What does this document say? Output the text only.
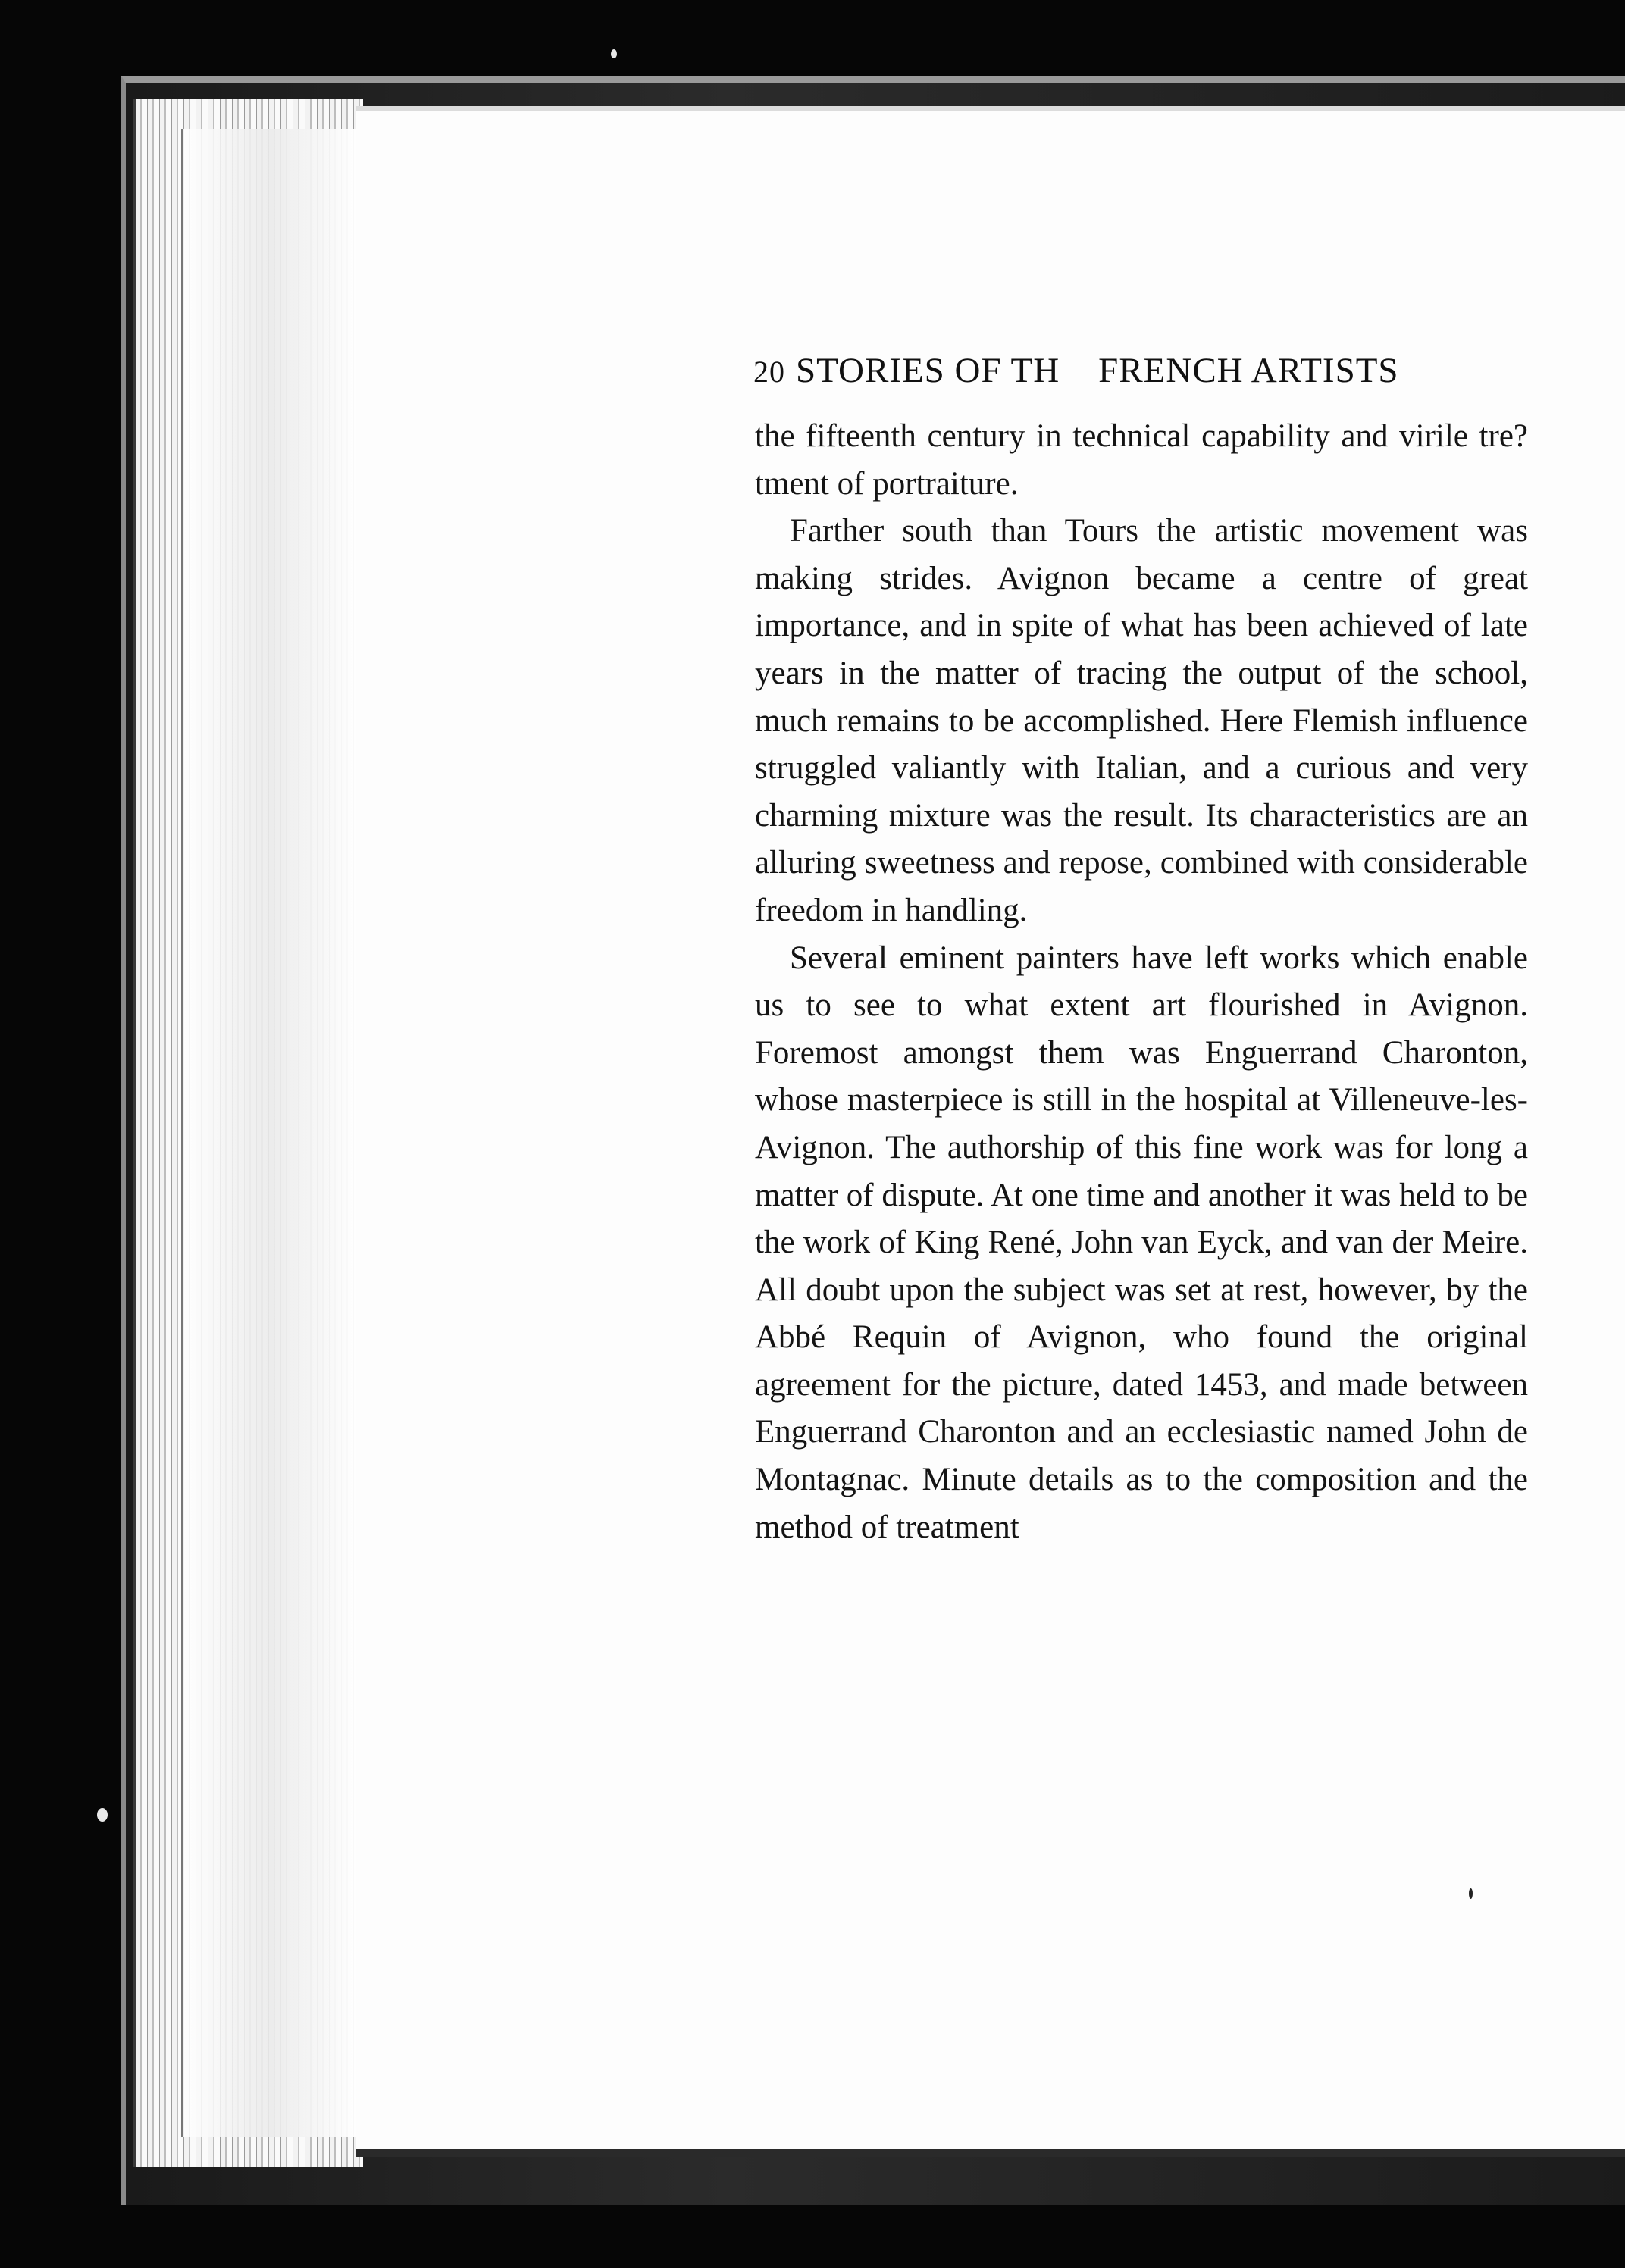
20 STORIES OF TH    FRENCH ARTISTS

the fifteenth century in technical capability and virile tre?tment of portraiture.

Farther south than Tours the artistic movement was making strides. Avignon became a centre of great importance, and in spite of what has been achieved of late years in the matter of tracing the output of the school, much remains to be accomplished. Here Flemish influence struggled valiantly with Italian, and a curious and very charming mixture was the result. Its characteristics are an alluring sweetness and repose, combined with considerable freedom in handling.

Several eminent painters have left works which enable us to see to what extent art flourished in Avignon. Foremost amongst them was Enguerrand Charonton, whose masterpiece is still in the hospital at Villeneuve-les-Avignon. The authorship of this fine work was for long a matter of dispute. At one time and another it was held to be the work of King René, John van Eyck, and van der Meire. All doubt upon the subject was set at rest, however, by the Abbé Requin of Avignon, who found the original agreement for the picture, dated 1453, and made between Enguerrand Charonton and an ecclesiastic named John de Montagnac. Minute details as to the composition and the method of treatment
